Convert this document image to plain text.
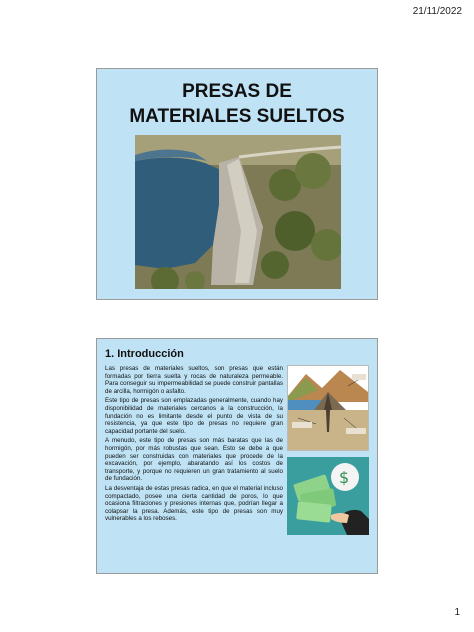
21/11/2022
PRESAS DE
MATERIALES SUELTOS
1. Introducción

Las presas de materiales sueltos, son presas que están formadas por tierra suelta y rocas de naturaleza permeable. Para conseguir su impermeabilidad se puede construir pantallas de arcilla, hormigón o asfalto.

Este tipo de presas son emplazadas generalmente, cuando hay disponibilidad de materiales cercanos a la construcción, la fundación no es limitante desde el punto de vista de su resistencia, ya que este tipo de presas no requiere gran capacidad portante del suelo.

A menudo, este tipo de presas son más baratas que las de hormigón, por más robustas que sean. Esto se debe a que pueden ser construidas con materiales que procede de la excavación, por ejemplo, abaratando así los costos de transporte, y porque no requieren un gran tratamiento al suelo de fundación.

La desventaja de estas presas radica, en que el material incluso compactado, posee una cierta cantidad de poros, lo que ocasiona filtraciones y presiones internas que, podrían llegar a colapsar la presa. Además, este tipo de presas son muy vulnerables a los reboses.

$
1
